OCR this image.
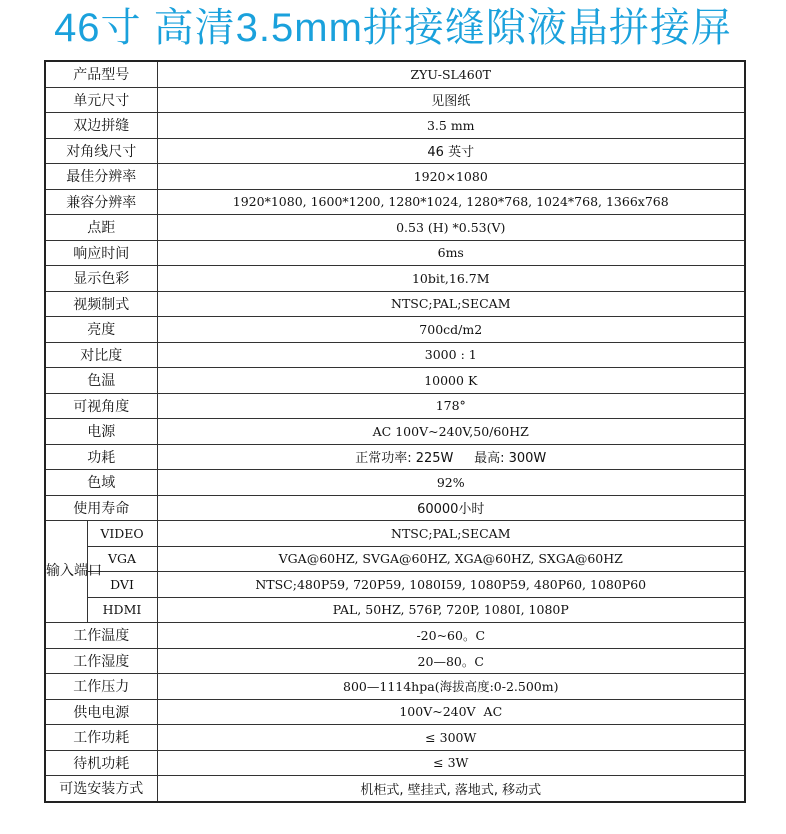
46寸 高清3.5mm拼接缝隙液晶拼接屏
产品型号		ZYU-SL460T
单元尺寸		见图纸
双边拼缝		3.5 mm
对角线尺寸		46 英寸
最佳分辨率		1920×1080
兼容分辨率		1920*1080, 1600*1200, 1280*1024, 1280*768, 1024*768, 1366x768
点距		0.53 (H) *0.53(V)
响应时间		6ms
显示色彩		10bit,16.7M
视频制式		NTSC;PAL;SECAM
亮度		700cd/m2
对比度		3000 : 1
色温		10000 K
可视角度		178°
电源		AC 100V~240V,50/60HZ
功耗		正常功率: 225W     最高: 300W
色域		92%
使用寿命		60000小时
输入端口	VIDEO	NTSC;PAL;SECAM
	VGA	VGA@60HZ, SVGA@60HZ, XGA@60HZ, SXGA@60HZ
	DVI	NTSC;480P59, 720P59, 1080I59, 1080P59, 480P60, 1080P60
	HDMI	PAL, 50HZ, 576P, 720P, 1080I, 1080P
工作温度		-20~60。C
工作湿度		20—80。C
工作压力		800—1114hpa(海拔高度:0-2.500m)
供电电源		100V~240V  AC
工作功耗		≤ 300W
待机功耗		≤ 3W
可选安装方式		机柜式, 壁挂式, 落地式, 移动式
